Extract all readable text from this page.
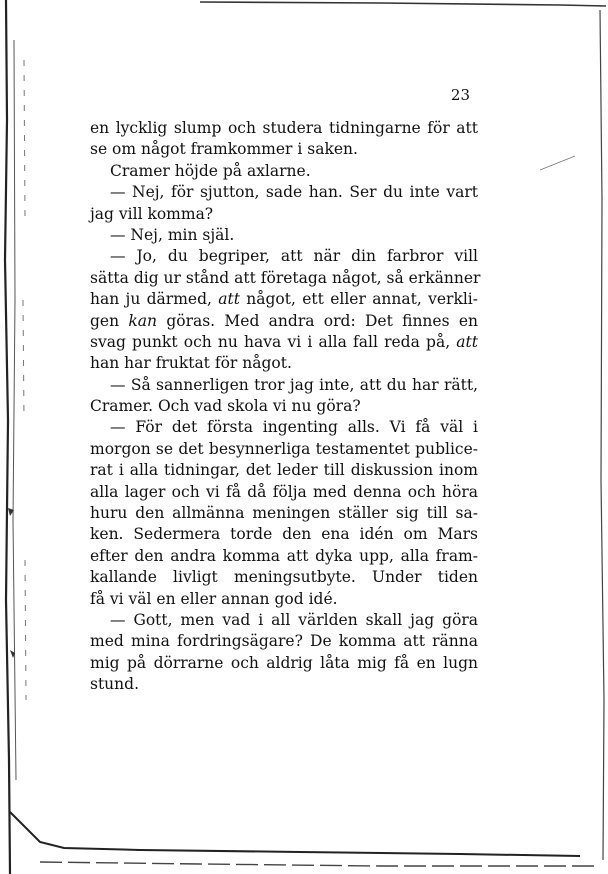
23
en lycklig slump och studera tidningarne för att
se om något framkommer i saken.
Cramer höjde på axlarne.
— Nej, för sjutton, sade han. Ser du inte vart
jag vill komma?
— Nej, min själ.
— Jo, du begriper, att när din farbror vill
sätta dig ur stånd att företaga något, så erkänner
han ju därmed, att något, ett eller annat, verkli-
gen kan göras. Med andra ord: Det finnes en
svag punkt och nu hava vi i alla fall reda på, att
han har fruktat för något.
— Så sannerligen tror jag inte, att du har rätt,
Cramer. Och vad skola vi nu göra?
— För det första ingenting alls. Vi få väl i
morgon se det besynnerliga testamentet publice-
rat i alla tidningar, det leder till diskussion inom
alla lager och vi få då följa med denna och höra
huru den allmänna meningen ställer sig till sa-
ken. Sedermera torde den ena idén om Mars
efter den andra komma att dyka upp, alla fram-
kallande livligt meningsutbyte. Under tiden
få vi väl en eller annan god idé.
— Gott, men vad i all världen skall jag göra
med mina fordringsägare? De komma att ränna
mig på dörrarne och aldrig låta mig få en lugn
stund.
